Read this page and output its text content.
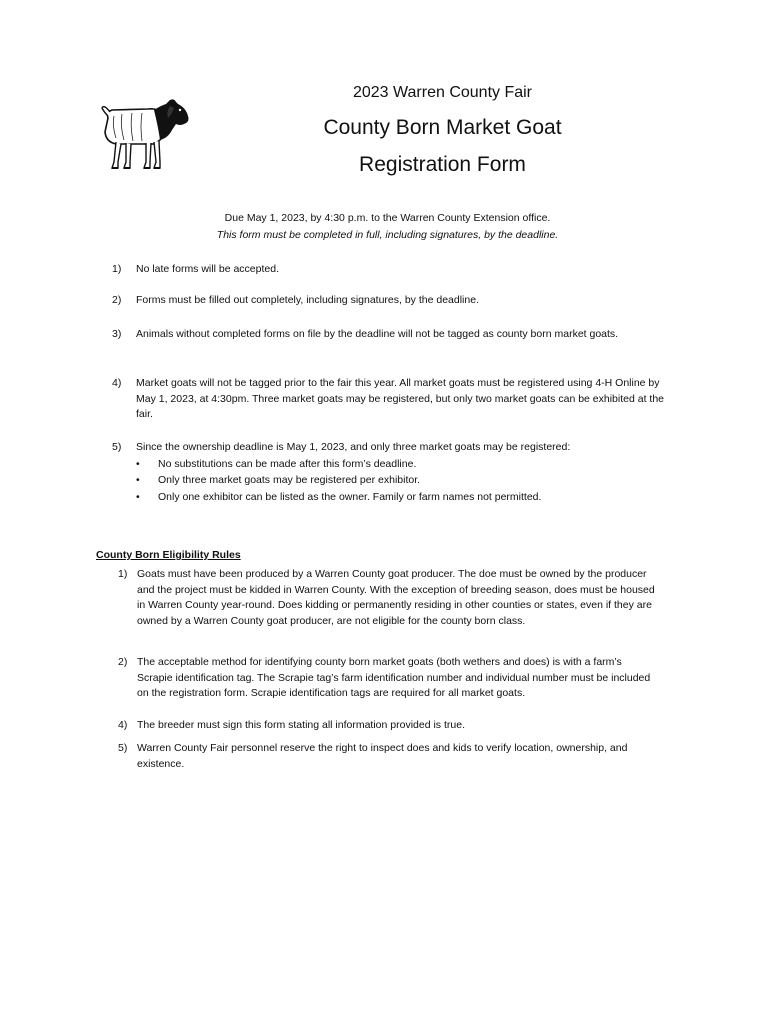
2023 Warren County Fair
County Born Market Goat
Registration Form
Due May 1, 2023, by 4:30 p.m. to the Warren County Extension office.
This form must be completed in full, including signatures, by the deadline.
1) No late forms will be accepted.
2) Forms must be filled out completely, including signatures, by the deadline.
3) Animals without completed forms on file by the deadline will not be tagged as county born market goats.
4) Market goats will not be tagged prior to the fair this year. All market goats must be registered using 4-H Online by May 1, 2023, at 4:30pm. Three market goats may be registered, but only two market goats can be exhibited at the fair.
5) Since the ownership deadline is May 1, 2023, and only three market goats may be registered:
• No substitutions can be made after this form’s deadline.
• Only three market goats may be registered per exhibitor.
• Only one exhibitor can be listed as the owner. Family or farm names not permitted.
County Born Eligibility Rules
1) Goats must have been produced by a Warren County goat producer. The doe must be owned by the producer and the project must be kidded in Warren County. With the exception of breeding season, does must be housed in Warren County year-round. Does kidding or permanently residing in other counties or states, even if they are owned by a Warren County goat producer, are not eligible for the county born class.
2) The acceptable method for identifying county born market goats (both wethers and does) is with a farm’s Scrapie identification tag. The Scrapie tag’s farm identification number and individual number must be included on the registration form. Scrapie identification tags are required for all market goats.
4) The breeder must sign this form stating all information provided is true.
5) Warren County Fair personnel reserve the right to inspect does and kids to verify location, ownership, and existence.
